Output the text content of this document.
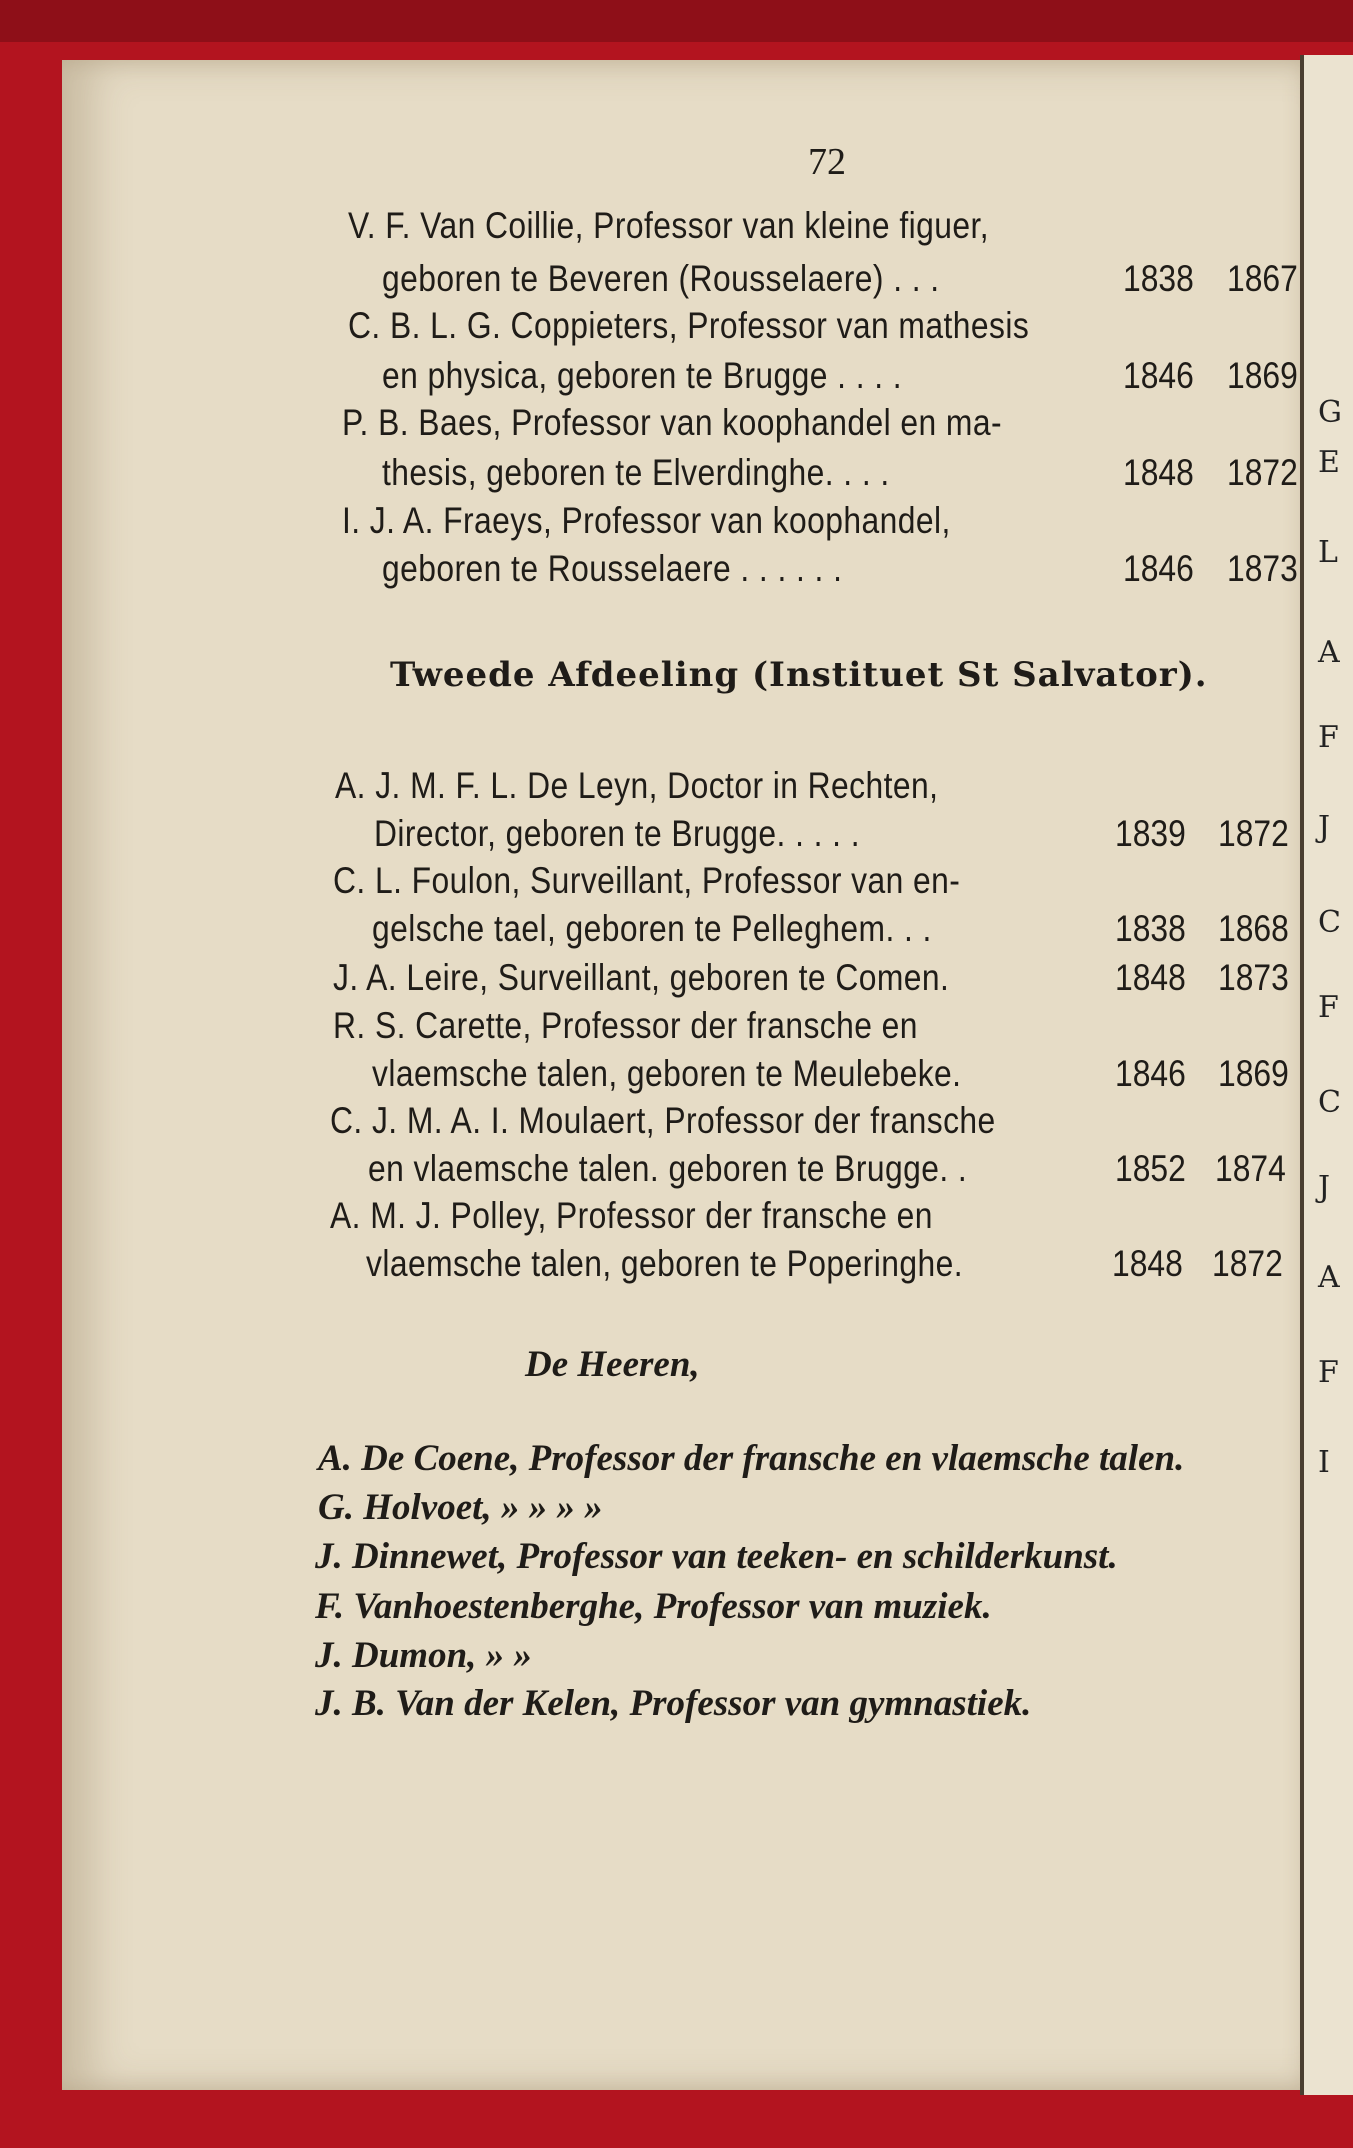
G
E
L
A
F
J
C
F
C
J
A
F
I
72
V. F. Van Coillie, Professor van kleine figuer,
geboren te Beveren (Rousselaere) . . .	1838 1867
C. B. L. G. Coppieters, Professor van mathesis
en physica, geboren te Brugge . . . .	1846 1869
P. B. Baes, Professor van koophandel en ma-
thesis, geboren te Elverdinghe. . . .	1848 1872
I. J. A. Fraeys, Professor van koophandel,
geboren te Rousselaere . . . . . .	1846 1873
Tweede Afdeeling (Instituet St Salvator).
A. J. M. F. L. De Leyn, Doctor in Rechten,
Director, geboren te Brugge. . . . .	1839 1872
C. L. Foulon, Surveillant, Professor van en-
gelsche tael, geboren te Pelleghem. . .	1838 1868
J. A. Leire, Surveillant, geboren te Comen.	1848 1873
R. S. Carette, Professor der fransche en
vlaemsche talen, geboren te Meulebeke.	1846 1869
C. J. M. A. I. Moulaert, Professor der fransche
en vlaemsche talen. geboren te Brugge. .	1852 1874
A. M. J. Polley, Professor der fransche en
vlaemsche talen, geboren te Poperinghe.	1848 1872
De Heeren,
A. De Coene, Professor der fransche en vlaemsche talen.
G. Holvoet, » » » »
J. Dinnewet, Professor van teeken- en schilderkunst.
F. Vanhoestenberghe, Professor van muziek.
J. Dumon, » »
J. B. Van der Kelen, Professor van gymnastiek.
